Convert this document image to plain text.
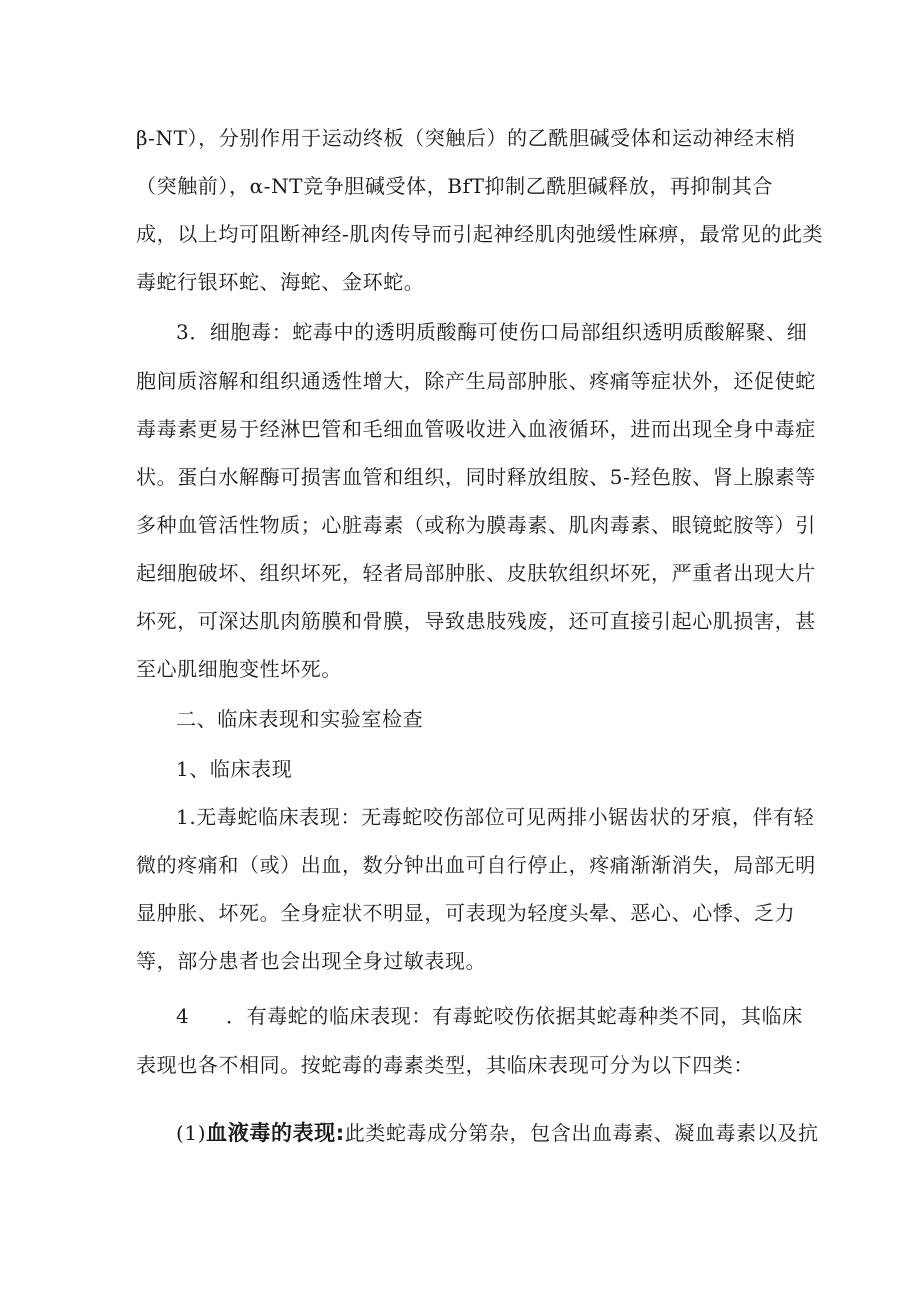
β-NT），分别作用于运动终板（突触后）的乙酰胆碱受体和运动神经末梢
（突触前），α-NT竞争胆碱受体，BfT抑制乙酰胆碱释放，再抑制其合
成，以上均可阻断神经-肌肉传导而引起神经肌肉弛缓性麻痹，最常见的此类
毒蛇行银环蛇、海蛇、金环蛇。
3．细胞毒：蛇毒中的透明质酸酶可使伤口局部组织透明质酸解聚、细
胞间质溶解和组织通透性增大，除产生局部肿胀、疼痛等症状外，还促使蛇
毒毒素更易于经淋巴管和毛细血管吸收进入血液循环，进而出现全身中毒症
状。蛋白水解酶可损害血管和组织，同时释放组胺、5-羟色胺、肾上腺素等
多种血管活性物质；心脏毒素（或称为膜毒素、肌肉毒素、眼镜蛇胺等）引
起细胞破坏、组织坏死，轻者局部肿胀、皮肤软组织坏死，严重者出现大片
坏死，可深达肌肉筋膜和骨膜，导致患肢残废，还可直接引起心肌损害，甚
至心肌细胞变性坏死。
二、临床表现和实验室检查
1、临床表现
1.无毒蛇临床表现：无毒蛇咬伤部位可见两排小锯齿状的牙痕，伴有轻
微的疼痛和（或）出血，数分钟出血可自行停止，疼痛渐渐消失，局部无明
显肿胀、坏死。全身症状不明显，可表现为轻度头晕、恶心、心悸、乏力
等，部分患者也会出现全身过敏表现。
4 ．有毒蛇的临床表现：有毒蛇咬伤依据其蛇毒种类不同，其临床
表现也各不相同。按蛇毒的毒素类型，其临床表现可分为以下四类：
(1)血液毒的表现:此类蛇毒成分第杂，包含出血毒素、凝血毒素以及抗
